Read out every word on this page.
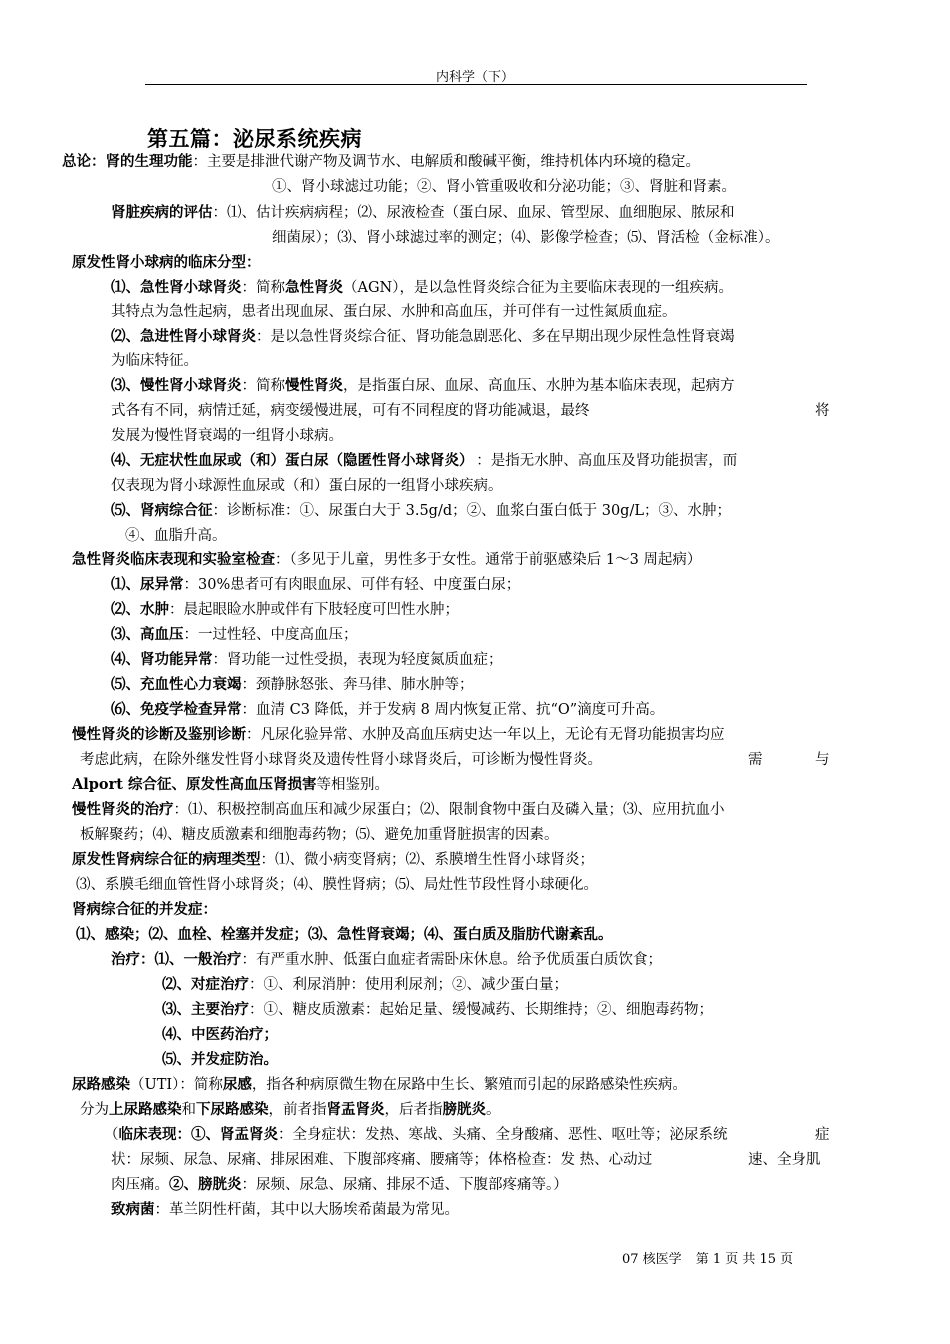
内科学（下）
第五篇：泌尿系统疾病
总论：肾的生理功能：主要是排泄代谢产物及调节水、电解质和酸碱平衡，维持机体内环境的稳定。
①、肾小球滤过功能；②、肾小管重吸收和分泌功能；③、肾脏和肾素。
肾脏疾病的评估：⑴、估计疾病病程；⑵、尿液检查（蛋白尿、血尿、管型尿、血细胞尿、脓尿和
细菌尿）；⑶、肾小球滤过率的测定；⑷、影像学检查；⑸、肾活检（金标准）。
原发性肾小球病的临床分型：
⑴、急性肾小球肾炎：简称急性肾炎（AGN），是以急性肾炎综合征为主要临床表现的一组疾病。
其特点为急性起病，患者出现血尿、蛋白尿、水肿和高血压，并可伴有一过性氮质血症。
⑵、急进性肾小球肾炎：是以急性肾炎综合征、肾功能急剧恶化、多在早期出现少尿性急性肾衰竭
为临床特征。
⑶、慢性肾小球肾炎：简称慢性肾炎，是指蛋白尿、血尿、高血压、水肿为基本临床表现，起病方
式各有不同，病情迁延，病变缓慢进展，可有不同程度的肾功能减退，最终	将
发展为慢性肾衰竭的一组肾小球病。
⑷、无症状性血尿或（和）蛋白尿（隐匿性肾小球肾炎） ：是指无水肿、高血压及肾功能损害，而
仅表现为肾小球源性血尿或（和）蛋白尿的一组肾小球疾病。
⑸、肾病综合征：诊断标准：①、尿蛋白大于 3.5g/d；②、血浆白蛋白低于 30g/L；③、水肿；
④、血脂升高。
急性肾炎临床表现和实验室检查：（多见于儿童，男性多于女性。通常于前驱感染后 1～3 周起病）
⑴、尿异常：30%患者可有肉眼血尿、可伴有轻、中度蛋白尿；
⑵、水肿：晨起眼睑水肿或伴有下肢轻度可凹性水肿；
⑶、高血压：一过性轻、中度高血压；
⑷、肾功能异常：肾功能一过性受损，表现为轻度氮质血症；
⑸、充血性心力衰竭：颈静脉怒张、奔马律、肺水肿等；
⑹、免疫学检查异常：血清 C3 降低，并于发病 8 周内恢复正常、抗“O”滴度可升高。
慢性肾炎的诊断及鉴别诊断：凡尿化验异常、水肿及高血压病史达一年以上，无论有无肾功能损害均应
考虑此病，在除外继发性肾小球肾炎及遗传性肾小球肾炎后，可诊断为慢性肾炎。	需	与
Alport 综合征、原发性高血压肾损害等相鉴别。
慢性肾炎的治疗：⑴、积极控制高血压和减少尿蛋白；⑵、限制食物中蛋白及磷入量；⑶、应用抗血小
板解聚药；⑷、糖皮质激素和细胞毒药物；⑸、避免加重肾脏损害的因素。
原发性肾病综合征的病理类型：⑴、微小病变肾病；⑵、系膜增生性肾小球肾炎；
⑶、系膜毛细血管性肾小球肾炎；⑷、膜性肾病；⑸、局灶性节段性肾小球硬化。
肾病综合征的并发症：
⑴、感染；⑵、血栓、栓塞并发症；⑶、急性肾衰竭；⑷、蛋白质及脂肪代谢紊乱。
治疗：⑴、一般治疗：有严重水肿、低蛋白血症者需卧床休息。给予优质蛋白质饮食；
⑵、对症治疗：①、利尿消肿：使用利尿剂；②、减少蛋白量；
⑶、主要治疗：①、糖皮质激素：起始足量、缓慢减药、长期维持；②、细胞毒药物；
⑷、中医药治疗；
⑸、并发症防治。
尿路感染（UTI）：简称尿感，指各种病原微生物在尿路中生长、繁殖而引起的尿路感染性疾病。
分为上尿路感染和下尿路感染，前者指肾盂肾炎，后者指膀胱炎。
（临床表现：①、肾盂肾炎：全身症状：发热、寒战、头痛、全身酸痛、恶性、呕吐等；泌尿系统	症
状：尿频、尿急、尿痛、排尿困难、下腹部疼痛、腰痛等；体格检查：发 热、心动过	速、全身肌
肉压痛。②、膀胱炎：尿频、尿急、尿痛、排尿不适、下腹部疼痛等。）
致病菌：革兰阴性杆菌，其中以大肠埃希菌最为常见。
07 核医学 第 1 页 共 15 页
